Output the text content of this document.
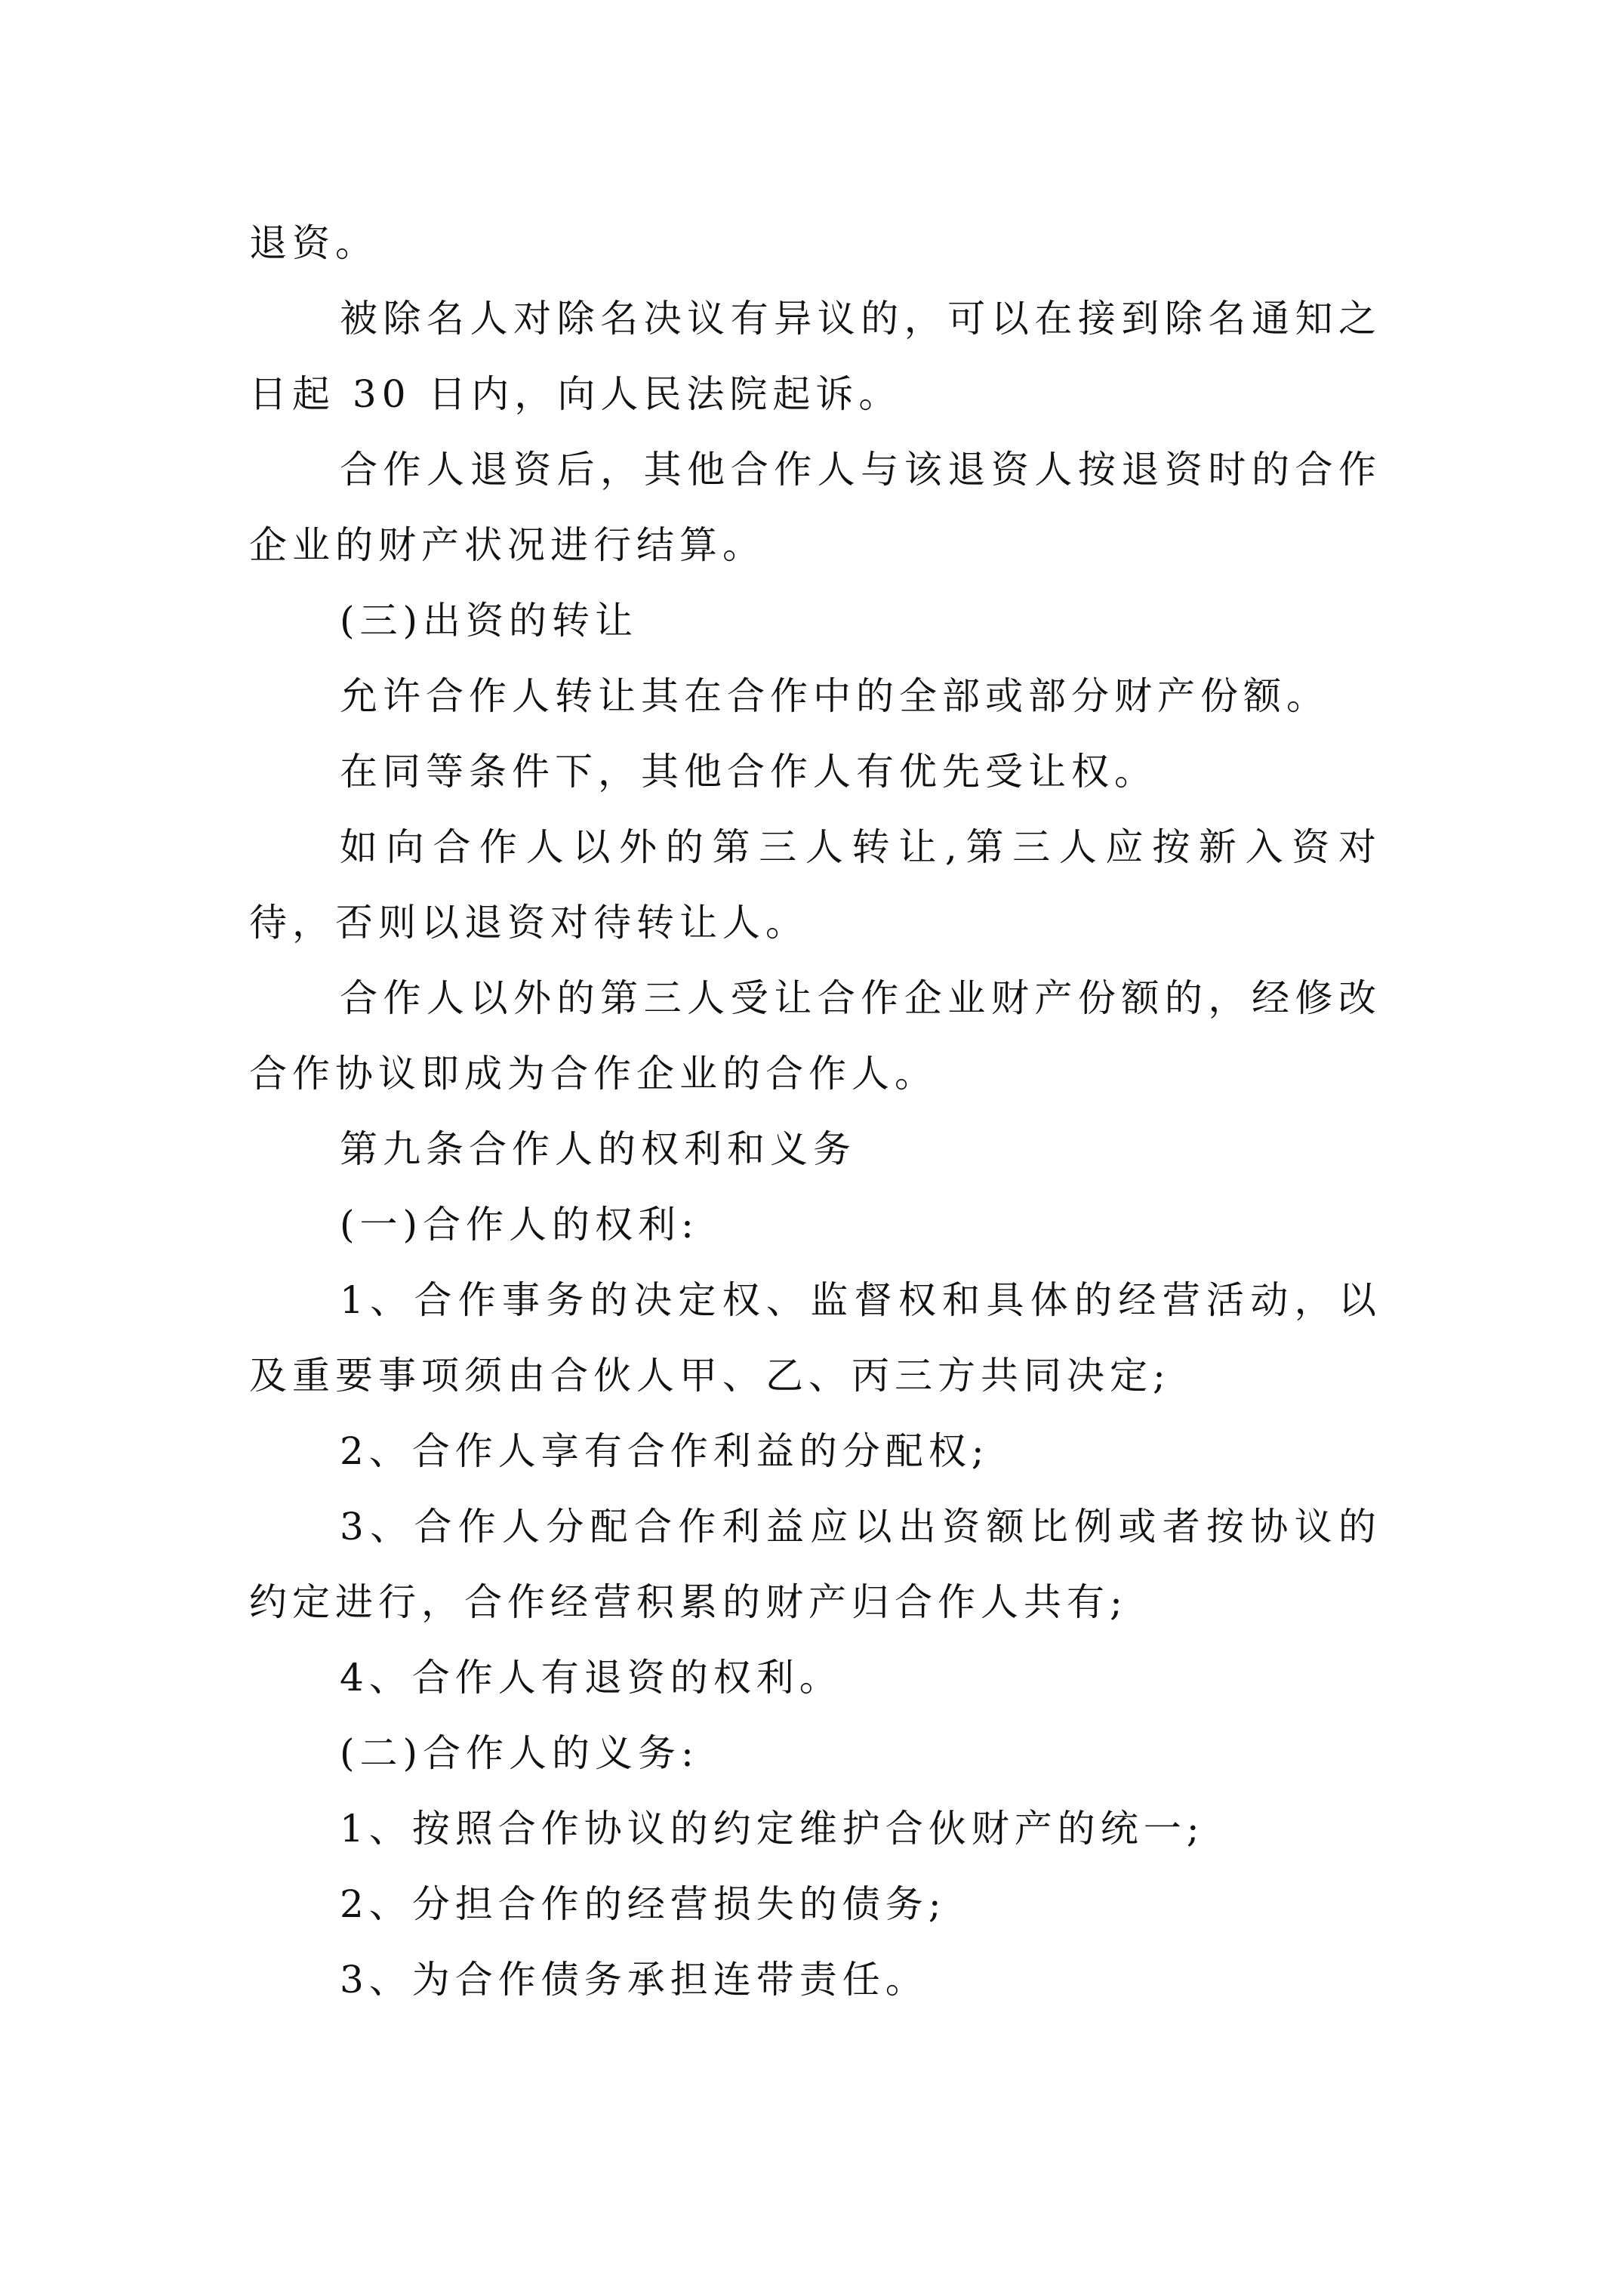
退资。

被除名人对除名决议有异议的，可以在接到除名通知之日起 30 日内，向人民法院起诉。

合作人退资后，其他合作人与该退资人按退资时的合作企业的财产状况进行结算。

(三)出资的转让

允许合作人转让其在合作中的全部或部分财产份额。

在同等条件下，其他合作人有优先受让权。

如向合作人以外的第三人转让,第三人应按新入资对待，否则以退资对待转让人。

合作人以外的第三人受让合作企业财产份额的，经修改合作协议即成为合作企业的合作人。

第九条合作人的权利和义务

(一)合作人的权利:

1、合作事务的决定权、监督权和具体的经营活动，以及重要事项须由合伙人甲、乙、丙三方共同决定;

2、合作人享有合作利益的分配权;

3、合作人分配合作利益应以出资额比例或者按协议的约定进行，合作经营积累的财产归合作人共有;

4、合作人有退资的权利。

(二)合作人的义务:

1、按照合作协议的约定维护合伙财产的统一;

2、分担合作的经营损失的债务;

3、为合作债务承担连带责任。
